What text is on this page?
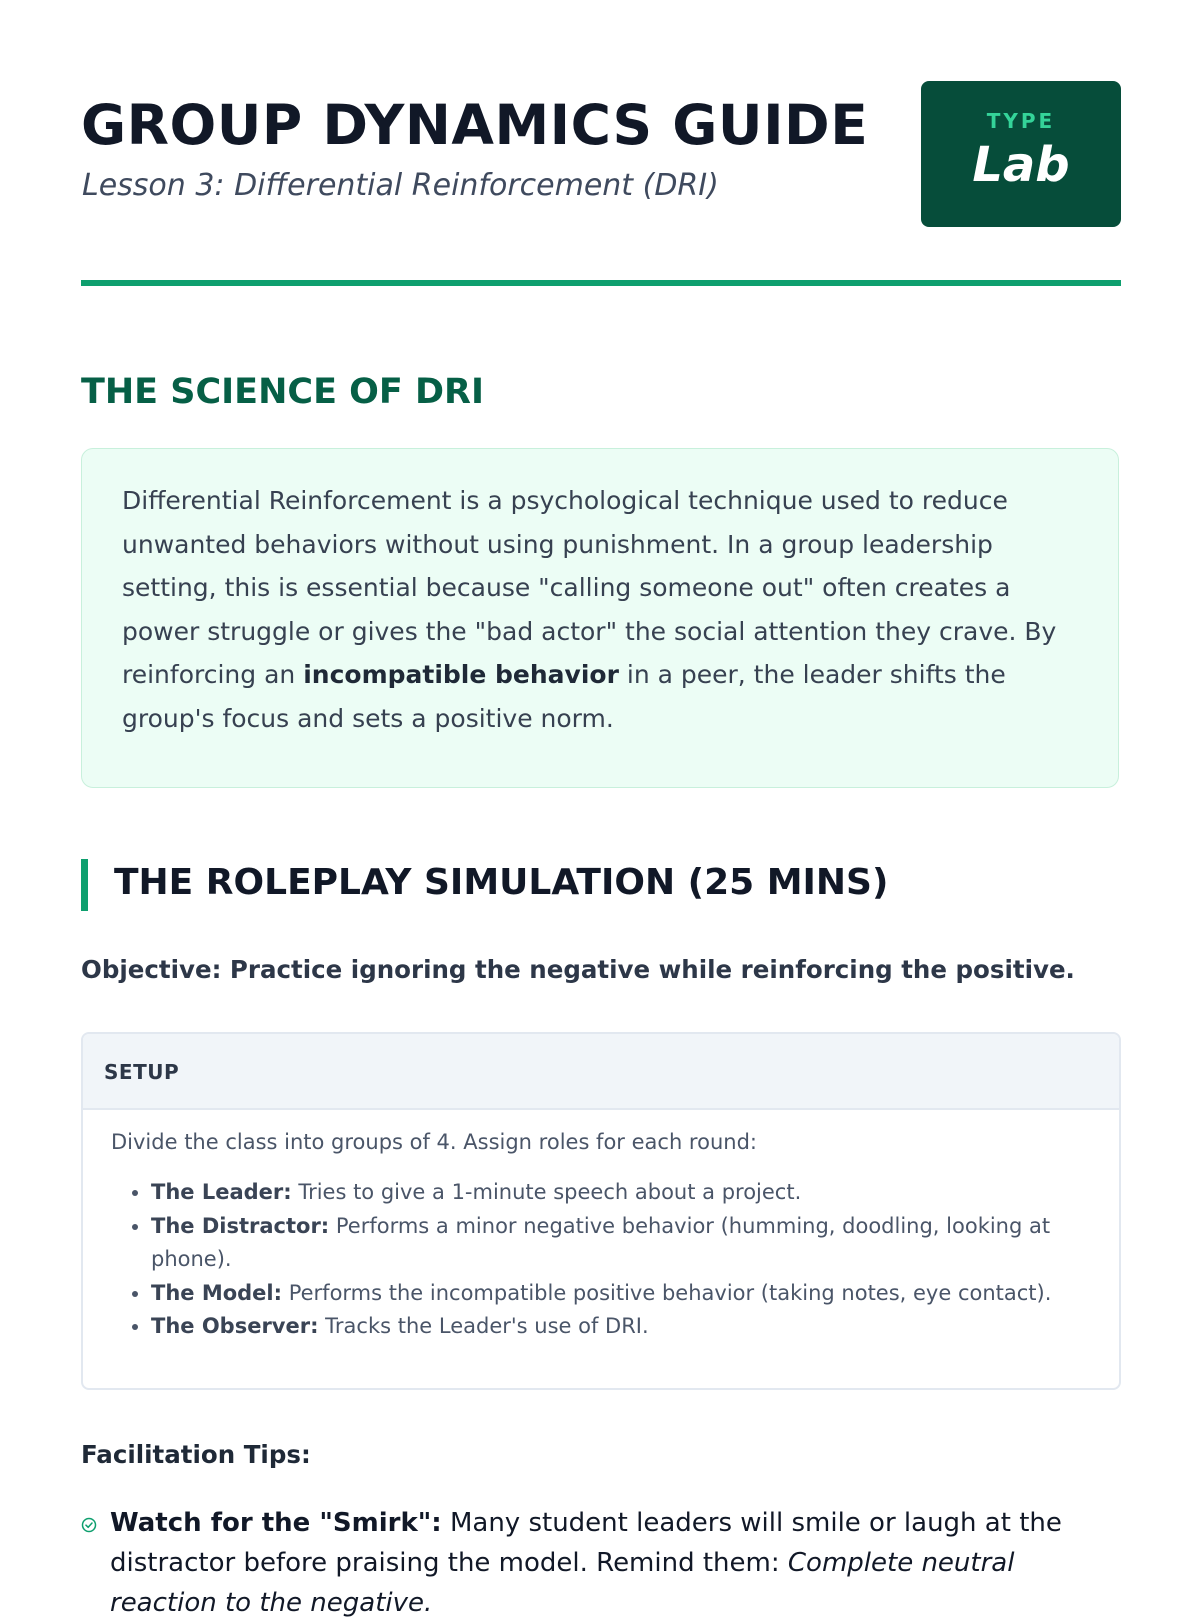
GROUP DYNAMICS GUIDE

Lesson 3: Differential Reinforcement (DRI)

TYPE
Lab
THE SCIENCE OF DRI

Differential Reinforcement is a psychological technique used to reduce unwanted behaviors without using punishment. In a group leadership setting, this is essential because "calling someone out" often creates a power struggle or gives the "bad actor" the social attention they crave. By reinforcing an incompatible behavior in a peer, the leader shifts the group's focus and sets a positive norm.

THE ROLEPLAY SIMULATION (25 MINS)

Objective: Practice ignoring the negative while reinforcing the positive.

SETUP

Divide the class into groups of 4. Assign roles for each round:

• The Leader: Tries to give a 1-minute speech about a project.
• The Distractor: Performs a minor negative behavior (humming, doodling, looking at phone).
• The Model: Performs the incompatible positive behavior (taking notes, eye contact).
• The Observer: Tracks the Leader's use of DRI.
Facilitation Tips:

Watch for the "Smirk": Many student leaders will smile or laugh at the distractor before praising the model. Remind them: Complete neutral reaction to the negative.
